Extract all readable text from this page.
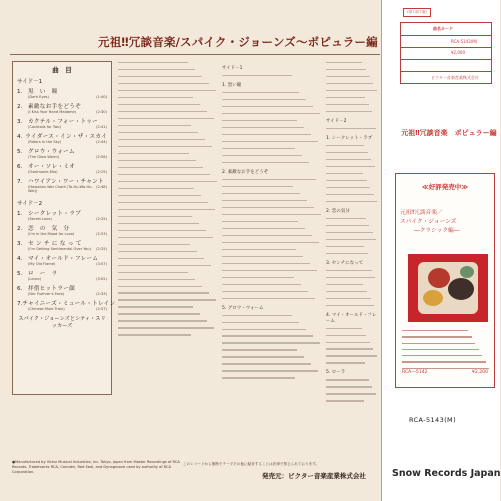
元祖‼冗談音楽/スパイク・ジョーンズ〜ポピュラー編
曲　目
サイド－1
1.	黒　い　瞳
(Dark Eyes)	(1:40)
2.	素敵なお手をどうぞ
(I Kiss Your Hand Madame)	(2:30)
3.	カクテル・フォー・トゥー
(Cocktails for Two)	(2:41)
4. ライダース・イン・ザ・スカイ
(Riders in the Sky)	(2:44)
5.	グロウ・ウォーム
(The Glow Worm)	(2:56)
6.	オー・ソレ・ミオ
(Oselmonie-Mio)	(2:29)
7.	ハワイアン・ワー・チャント
(Hawaiian War Chant (Ta-Hu-Wa-Hu-Wai))
(2:48)
サイド－2
1.	シークレット・ラブ
(Secret Love)	(2:25)
2.	恋　の　気　分
(I'm in the Mood for Love)	(2:53)
3.	セ ン チ に な っ て
(I'm Getting Sentimental Over You) (2:25)
4.	マイ・オールド・フレーム
(My Old Flame)	(3:07)
5.	ロ　ー　ラ
(Laura)	(3:02)
6.	拝借ヒットラー顔
(Der Fuehrer's Face)	(2:33)
7. チャイニーズ・ミュール・トレイン
(Chinese Mule Train)	(2:57)
スパイク・ジョーンズとシティ・スリッカーズ
サイド－1
1. 黒い瞳
2. 素敵なお手をどうぞ
5. グロウ・ウォーム
サイド－2
1. シークレット・ラブ
2. 恋の気分
3. センチになって
4. マイ・オールド・フレーム
5. ローラ
●Manufactured by Victor Musical Industries, Inc. Tokyo, Japan from Master Recordings of RCA Records. Trademarks RCA, Camden, Red Seal, and Dynagroove used by authority of RCA Corporation.
このレコードから無断でテープその他に録音することは法律で禁じられております。
発売元：ビクター音楽産業株式会社
(帯１面１版)
曲名カード
RCA-5143(M)
¥2,000
ビクター音楽産業株式会社
元祖‼冗談音楽　ポピュラー編
≪好評発売中≫
元祖‼冗談音楽／
スパイク・ジョーンズ
―クラシック編―
RCA―5142	¥2,200
RCA-5143(M)
Snow Records Japan
